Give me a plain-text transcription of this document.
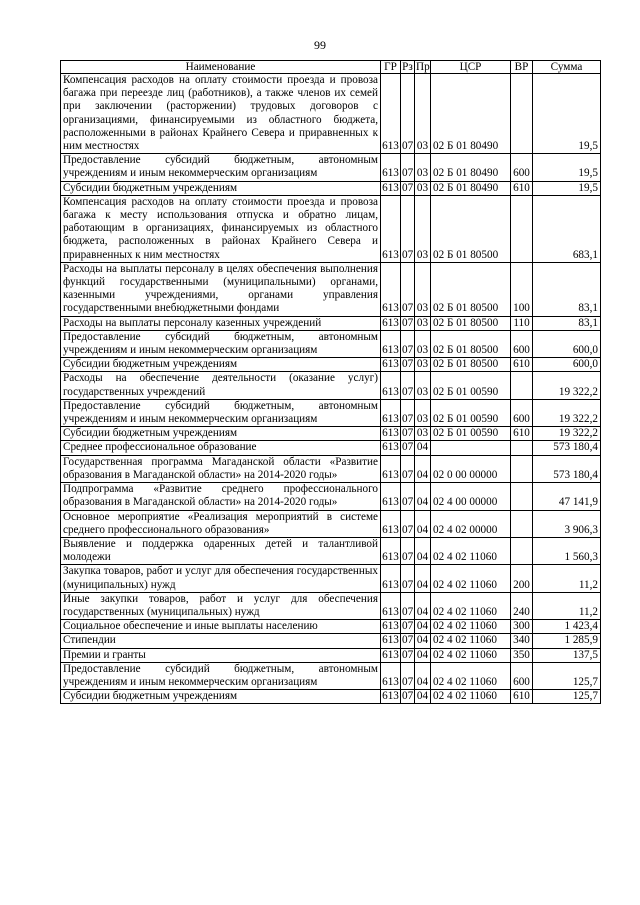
99
Наименование	ГР	Рз	Пр	ЦСР	ВР	Сумма
Компенсация расходов на оплату стоимости проезда и провоза багажа при переезде лиц (работников), а также членов их семей при заключении (расторжении) трудовых договоров с организациями, финансируемыми из областного бюджета, расположенными в районах Крайнего Севера и приравненных к ним местностях	613	07	03	02 Б 01 80490		19,5
Предоставление субсидий бюджетным, автономным учреждениям и иным некоммерческим организациям	613	07	03	02 Б 01 80490	600	19,5
Субсидии бюджетным учреждениям	613	07	03	02 Б 01 80490	610	19,5
Компенсация расходов на оплату стоимости проезда и провоза багажа к месту использования отпуска и обратно лицам, работающим в организациях, финансируемых из областного бюджета, расположенных в районах Крайнего Севера и приравненных к ним местностях	613	07	03	02 Б 01 80500		683,1
Расходы на выплаты персоналу в целях обеспечения выполнения функций государственными (муниципальными) органами, казенными учреждениями, органами управления государственными внебюджетными фондами	613	07	03	02 Б 01 80500	100	83,1
Расходы на выплаты персоналу казенных учреждений	613	07	03	02 Б 01 80500	110	83,1
Предоставление субсидий бюджетным, автономным учреждениям и иным некоммерческим организациям	613	07	03	02 Б 01 80500	600	600,0
Субсидии бюджетным учреждениям	613	07	03	02 Б 01 80500	610	600,0
Расходы на обеспечение деятельности (оказание услуг) государственных учреждений	613	07	03	02 Б 01 00590		19 322,2
Предоставление субсидий бюджетным, автономным учреждениям и иным некоммерческим организациям	613	07	03	02 Б 01 00590	600	19 322,2
Субсидии бюджетным учреждениям	613	07	03	02 Б 01 00590	610	19 322,2
Среднее профессиональное образование	613	07	04			573 180,4
Государственная программа Магаданской области «Развитие образования в Магаданской области» на 2014-2020 годы»	613	07	04	02 0 00 00000		573 180,4
Подпрограмма «Развитие среднего профессионального образования в Магаданской области» на 2014-2020 годы»	613	07	04	02 4 00 00000		47 141,9
Основное мероприятие «Реализация мероприятий в системе среднего профессионального образования»	613	07	04	02 4 02 00000		3 906,3
Выявление и поддержка одаренных детей и талантливой молодежи	613	07	04	02 4 02 11060		1 560,3
Закупка товаров, работ и услуг для обеспечения государственных (муниципальных) нужд	613	07	04	02 4 02 11060	200	11,2
Иные закупки товаров, работ и услуг для обеспечения государственных (муниципальных) нужд	613	07	04	02 4 02 11060	240	11,2
Социальное обеспечение и иные выплаты населению	613	07	04	02 4 02 11060	300	1 423,4
Стипендии	613	07	04	02 4 02 11060	340	1 285,9
Премии и гранты	613	07	04	02 4 02 11060	350	137,5
Предоставление субсидий бюджетным, автономным учреждениям и иным некоммерческим организациям	613	07	04	02 4 02 11060	600	125,7
Субсидии бюджетным учреждениям	613	07	04	02 4 02 11060	610	125,7
